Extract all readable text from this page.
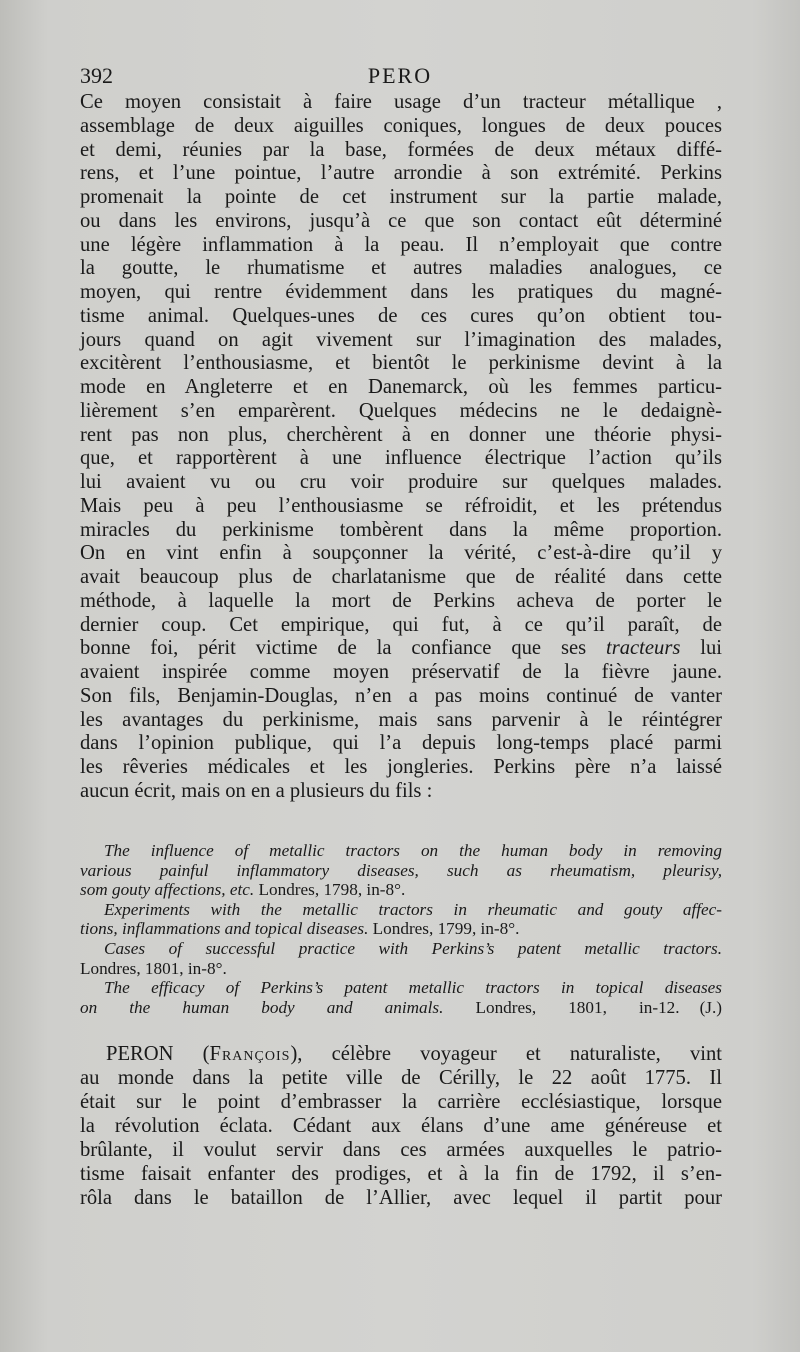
392	PERO
Ce moyen consistait à faire usage d’un tracteur métallique ,
assemblage de deux aiguilles coniques, longues de deux pouces
et demi, réunies par la base, formées de deux métaux diffé-
rens, et l’une pointue, l’autre arrondie à son extrémité. Perkins
promenait la pointe de cet instrument sur la partie malade,
ou dans les environs, jusqu’à ce que son contact eût déterminé
une légère inflammation à la peau. Il n’employait que contre
la goutte, le rhumatisme et autres maladies analogues, ce
moyen, qui rentre évidemment dans les pratiques du magné-
tisme animal. Quelques-unes de ces cures qu’on obtient tou-
jours quand on agit vivement sur l’imagination des malades,
excitèrent l’enthousiasme, et bientôt le perkinisme devint à la
mode en Angleterre et en Danemarck, où les femmes particu-
lièrement s’en emparèrent. Quelques médecins ne le dedaignè-
rent pas non plus, cherchèrent à en donner une théorie physi-
que, et rapportèrent à une influence électrique l’action qu’ils
lui avaient vu ou cru voir produire sur quelques malades.
Mais peu à peu l’enthousiasme se réfroidit, et les prétendus
miracles du perkinisme tombèrent dans la même proportion.
On en vint enfin à soupçonner la vérité, c’est-à-dire qu’il y
avait beaucoup plus de charlatanisme que de réalité dans cette
méthode, à laquelle la mort de Perkins acheva de porter le
dernier coup. Cet empirique, qui fut, à ce qu’il paraît, de
bonne foi, périt victime de la confiance que ses tracteurs lui
avaient inspirée comme moyen préservatif de la fièvre jaune.
Son fils, Benjamin-Douglas, n’en a pas moins continué de vanter
les avantages du perkinisme, mais sans parvenir à le réintégrer
dans l’opinion publique, qui l’a depuis long-temps placé parmi
les rêveries médicales et les jongleries. Perkins père n’a laissé
aucun écrit, mais on en a plusieurs du fils :
The influence of metallic tractors on the human body in removing
various painful inflammatory diseases, such as rheumatism, pleurisy,
som gouty affections, etc. Londres, 1798, in-8°.
Experiments with the metallic tractors in rheumatic and gouty affec-
tions, inflammations and topical diseases. Londres, 1799, in-8°.
Cases of successful practice with Perkins’s patent metallic tractors.
Londres, 1801, in-8°.
The efficacy of Perkins’s patent metallic tractors in topical diseases
on the human body and animals. Londres, 1801, in-12. (J.)
PERON (François), célèbre voyageur et naturaliste, vint
au monde dans la petite ville de Cérilly, le 22 août 1775. Il
était sur le point d’embrasser la carrière ecclésiastique, lorsque
la révolution éclata. Cédant aux élans d’une ame généreuse et
brûlante, il voulut servir dans ces armées auxquelles le patrio-
tisme faisait enfanter des prodiges, et à la fin de 1792, il s’en-
rôla dans le bataillon de l’Allier, avec lequel il partit pour
